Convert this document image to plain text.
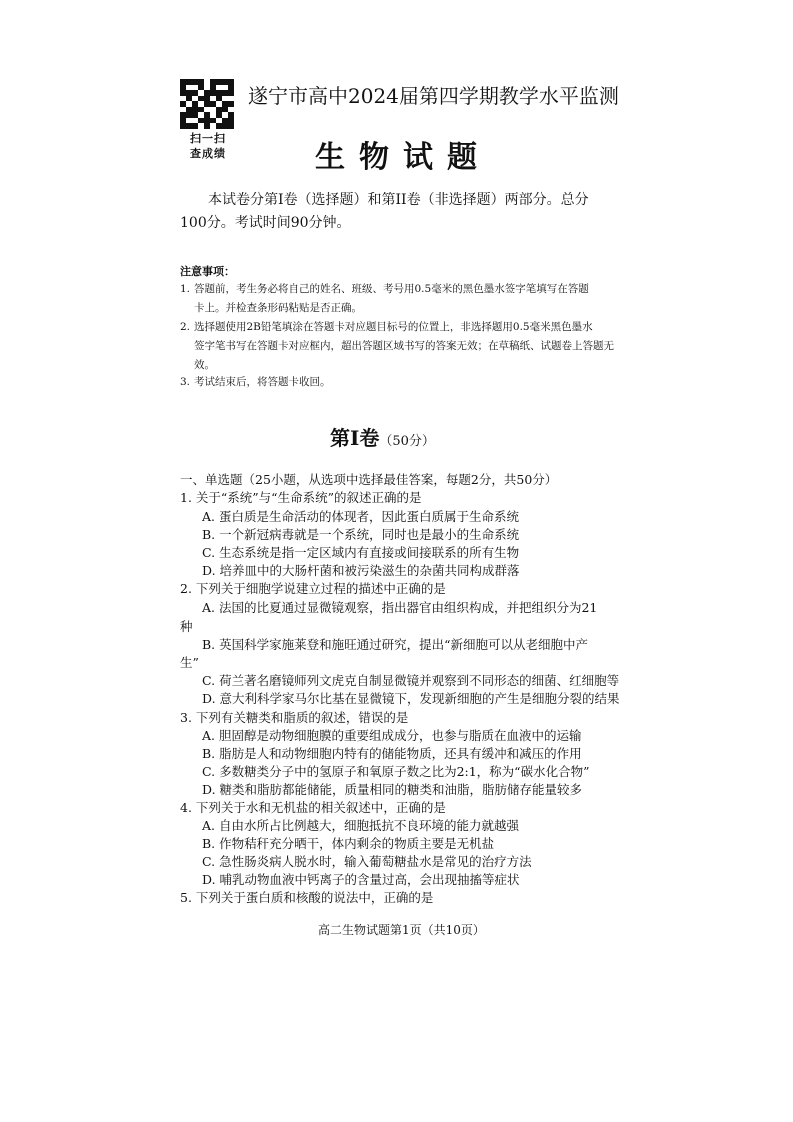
扫一扫
查成绩
遂宁市高中2024届第四学期教学水平监测
生物试题
本试卷分第I卷（选择题）和第II卷（非选择题）两部分。总分100分。考试时间90分钟。
注意事项：
1. 答题前，考生务必将自己的姓名、班级、考号用0.5毫米的黑色墨水签字笔填写在答题
卡上。并检查条形码粘贴是否正确。
2. 选择题使用2B铅笔填涂在答题卡对应题目标号的位置上，非选择题用0.5毫米黑色墨水
签字笔书写在答题卡对应框内，超出答题区域书写的答案无效；在草稿纸、试题卷上答题无效。
3. 考试结束后，将答题卡收回。
第Ⅰ卷（50分）
一、单选题（25小题，从选项中选择最佳答案，每题2分，共50分）
1. 关于“系统”与“生命系统”的叙述正确的是
A. 蛋白质是生命活动的体现者，因此蛋白质属于生命系统
B. 一个新冠病毒就是一个系统，同时也是最小的生命系统
C. 生态系统是指一定区域内有直接或间接联系的所有生物
D. 培养皿中的大肠杆菌和被污染滋生的杂菌共同构成群落
2. 下列关于细胞学说建立过程的描述中正确的是
A. 法国的比夏通过显微镜观察，指出器官由组织构成，并把组织分为21
种
B. 英国科学家施莱登和施旺通过研究，提出“新细胞可以从老细胞中产
生”
C. 荷兰著名磨镜师列文虎克自制显微镜并观察到不同形态的细菌、红细胞等
D. 意大利科学家马尔比基在显微镜下，发现新细胞的产生是细胞分裂的结果
3. 下列有关糖类和脂质的叙述，错误的是
A. 胆固醇是动物细胞膜的重要组成成分，也参与脂质在血液中的运输
B. 脂肪是人和动物细胞内特有的储能物质，还具有缓冲和减压的作用
C. 多数糖类分子中的氢原子和氧原子数之比为2:1，称为“碳水化合物”
D. 糖类和脂肪都能储能，质量相同的糖类和油脂，脂肪储存能量较多
4. 下列关于水和无机盐的相关叙述中，正确的是
A. 自由水所占比例越大，细胞抵抗不良环境的能力就越强
B. 作物秸秆充分晒干，体内剩余的物质主要是无机盐
C. 急性肠炎病人脱水时，输入葡萄糖盐水是常见的治疗方法
D. 哺乳动物血液中钙离子的含量过高，会出现抽搐等症状
5. 下列关于蛋白质和核酸的说法中，正确的是
高二生物试题第1页（共10页）
